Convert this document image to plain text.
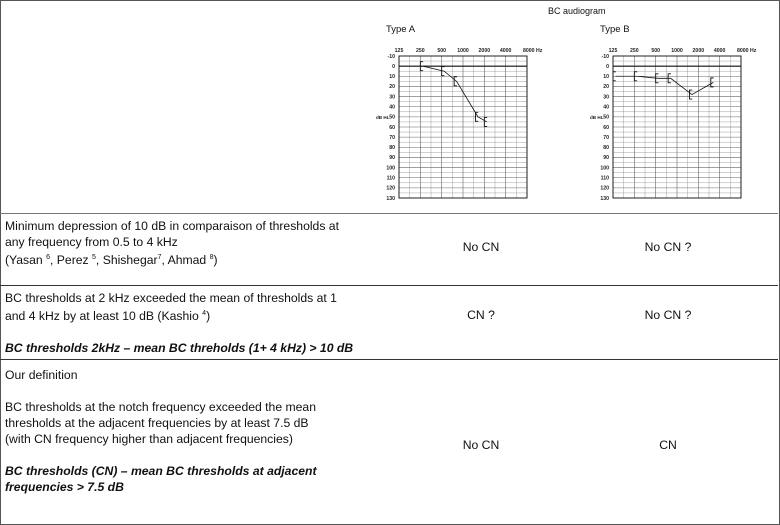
BC audiogram
Type A	Type B
125 250 500 1000 2000 4000 8000 Hz
-10
0
10
20
30
40
50
60
70
80
90
100
110
120
130
dB HL
125 250 500 1000 2000 4000 8000 Hz
-10
0
10
20
30
40
50
60
70
80
90
100
110
120
130
dB HL

Minimum depression of 10 dB in comparaison of thresholds at

any frequency from 0.5 to 4 kHz

(Yasan $^6$, Perez $^5$, Shishegar$^7$, Ahmad $^8$)

No CN	No CN ?

BC thresholds at 2 kHz exceeded the mean of thresholds at 1

and 4 kHz by at least 10 dB (Kashio $^4$)

BC thresholds 2kHz – mean BC threholds (1+ 4 kHz) > 10 dB

CN ?	No CN ?

Our definition

BC thresholds at the notch frequency exceeded the mean

thresholds at the adjacent frequencies by at least 7.5 dB

(with CN frequency higher than adjacent frequencies)

BC thresholds (CN) – mean BC thresholds at adjacent

frequencies > 7.5 dB

No CN	CN
